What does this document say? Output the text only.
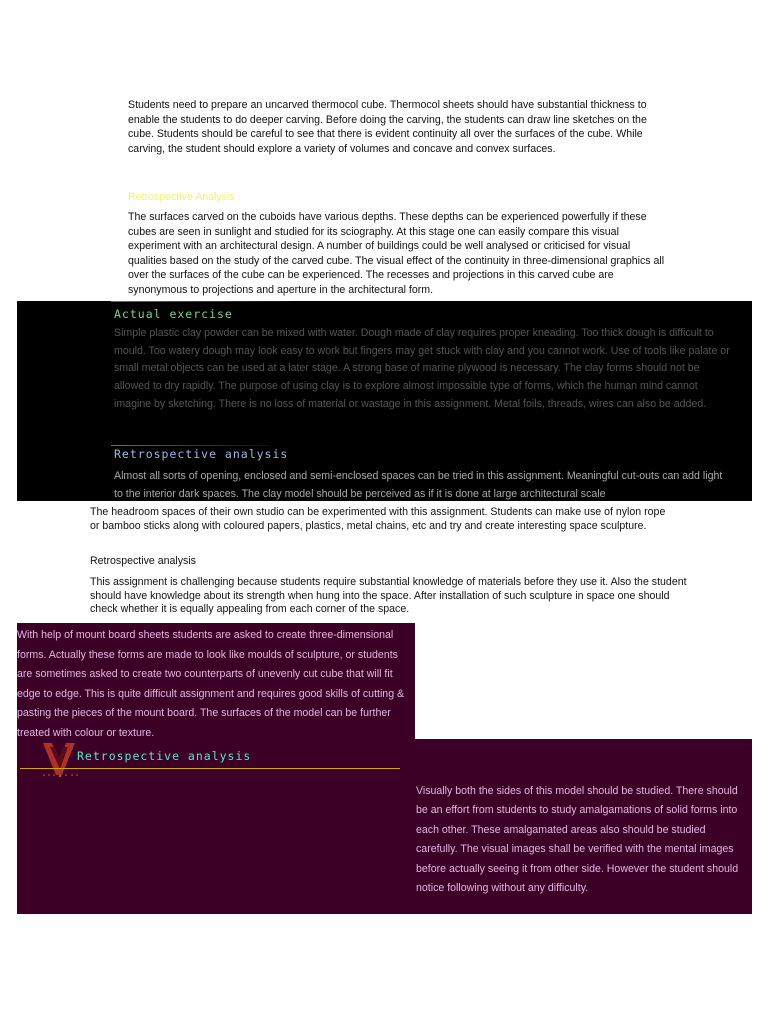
Students need to prepare an uncarved thermocol cube. Thermocol sheets should have substantial thickness to enable the students to do deeper carving. Before doing the carving, the students can draw line sketches on the cube. Students should be careful to see that there is evident continuity all over the surfaces of the cube. While carving, the student should explore a variety of volumes and concave and convex surfaces.

Retrospective Analysis

The surfaces carved on the cuboids have various depths. These depths can be experienced powerfully if these cubes are seen in sunlight and studied for its sciography. At this stage one can easily compare this visual experiment with an architectural design. A number of buildings could be well analysed or criticised for visual qualities based on the study of the carved cube. The visual effect of the continuity in three-dimensional graphics all over the surfaces of the cube can be experienced. The recesses and projections in this carved cube are synonymous to projections and aperture in the architectural form.

Actual exercise

Simple plastic clay powder can be mixed with water. Dough made of clay requires proper kneading. Too thick dough is difficult to mould. Too watery dough may look easy to work but fingers may get stuck with clay and you cannot work. Use of tools like palate or small metal objects can be used at a later stage. A strong base of marine plywood is necessary. The clay forms should not be allowed to dry rapidly. The purpose of using clay is to explore almost impossible type of forms, which the human mind cannot imagine by sketching. There is no loss of material or wastage in this assignment. Metal foils, threads, wires can also be added.

Retrospective analysis

Almost all sorts of opening, enclosed and semi-enclosed spaces can be tried in this assignment. Meaningful cut-outs can add light to the interior dark spaces. The clay model should be perceived as if it is done at large architectural scale

The headroom spaces of their own studio can be experimented with this assignment. Students can make use of nylon rope or bamboo sticks along with coloured papers, plastics, metal chains, etc and try and create interesting space sculpture.

Retrospective analysis

This assignment is challenging because students require substantial knowledge of materials before they use it. Also the student should have knowledge about its strength when hung into the space. After installation of such sculpture in space one should check whether it is equally appealing from each corner of the space.

With help of mount board sheets students are asked to create three-dimensional forms. Actually these forms are made to look like moulds of sculpture, or students are sometimes asked to create two counterparts of unevenly cut cube that will fit edge to edge. This is quite difficult assignment and requires good skills of cutting & pasting the pieces of the mount board. The surfaces of the model can be further treated with colour or texture.

Retrospective analysis

Visually both the sides of this model should be studied. There should be an effort from students to study amalgamations of solid forms into each other. These amalgamated areas also should be studied carefully. The visual images shall be verified with the mental images before actually seeing it from other side. However the student should notice following without any difficulty.
